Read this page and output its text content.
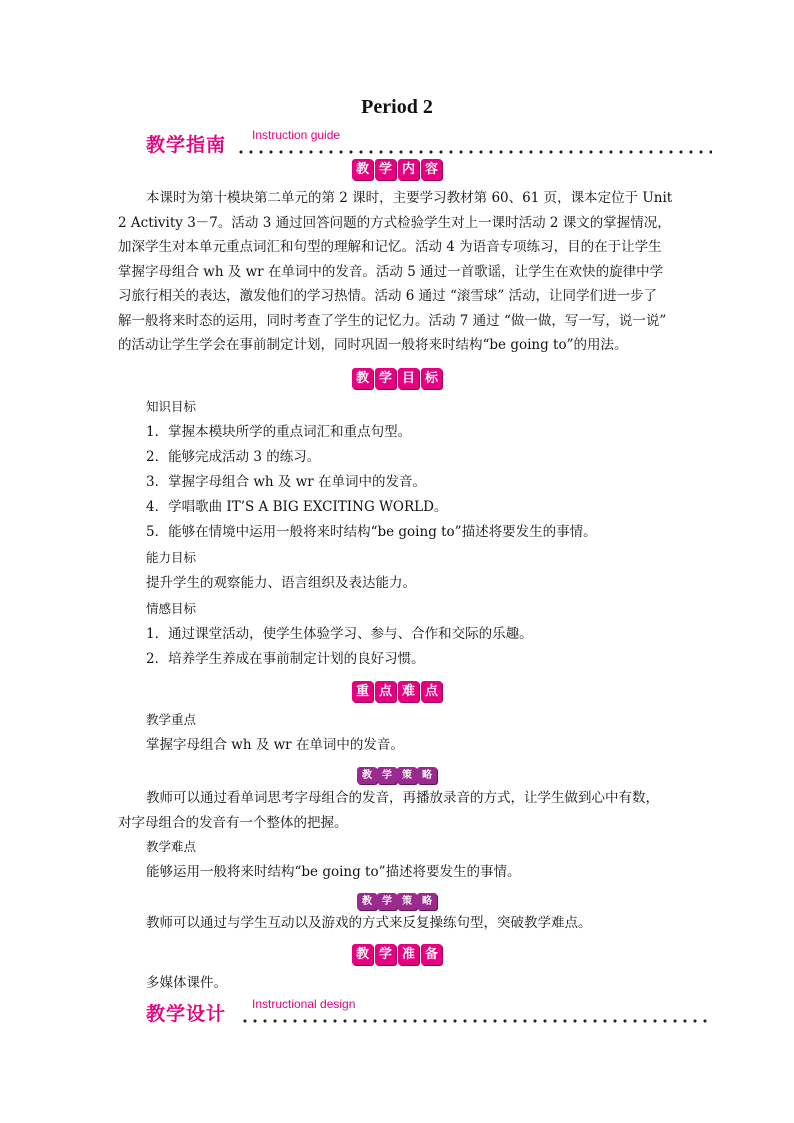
Period 2
教学指南 Instruction guide
教 学 内 容
本课时为第十模块第二单元的第 2 课时，主要学习教材第 60、61 页，课本定位于 Unit
2 Activity 3－7。活动 3 通过回答问题的方式检验学生对上一课时活动 2 课文的掌握情况，
加深学生对本单元重点词汇和句型的理解和记忆。活动 4 为语音专项练习，目的在于让学生
掌握字母组合 wh 及 wr 在单词中的发音。活动 5 通过一首歌谣，让学生在欢快的旋律中学
习旅行相关的表达，激发他们的学习热情。活动 6 通过 “滚雪球” 活动，让同学们进一步了
解一般将来时态的运用，同时考查了学生的记忆力。活动 7 通过 “做一做，写一写，说一说”
的活动让学生学会在事前制定计划，同时巩固一般将来时结构“be going to”的用法。
教 学 目 标
知识目标
1．掌握本模块所学的重点词汇和重点句型。
2．能够完成活动 3 的练习。
3．掌握字母组合 wh 及 wr 在单词中的发音。
4．学唱歌曲 IT’S A BIG EXCITING WORLD。
5．能够在情境中运用一般将来时结构“be going to”描述将要发生的事情。
能力目标
提升学生的观察能力、语言组织及表达能力。
情感目标
1．通过课堂活动，使学生体验学习、参与、合作和交际的乐趣。
2．培养学生养成在事前制定计划的良好习惯。
重 点 难 点
教学重点
掌握字母组合 wh 及 wr 在单词中的发音。
教 学 策 略
教师可以通过看单词思考字母组合的发音，再播放录音的方式，让学生做到心中有数，
对字母组合的发音有一个整体的把握。
教学难点
能够运用一般将来时结构“be going to”描述将要发生的事情。
教 学 策 略
教师可以通过与学生互动以及游戏的方式来反复操练句型，突破教学难点。
教 学 准 备
多媒体课件。
教学设计 Instructional design
